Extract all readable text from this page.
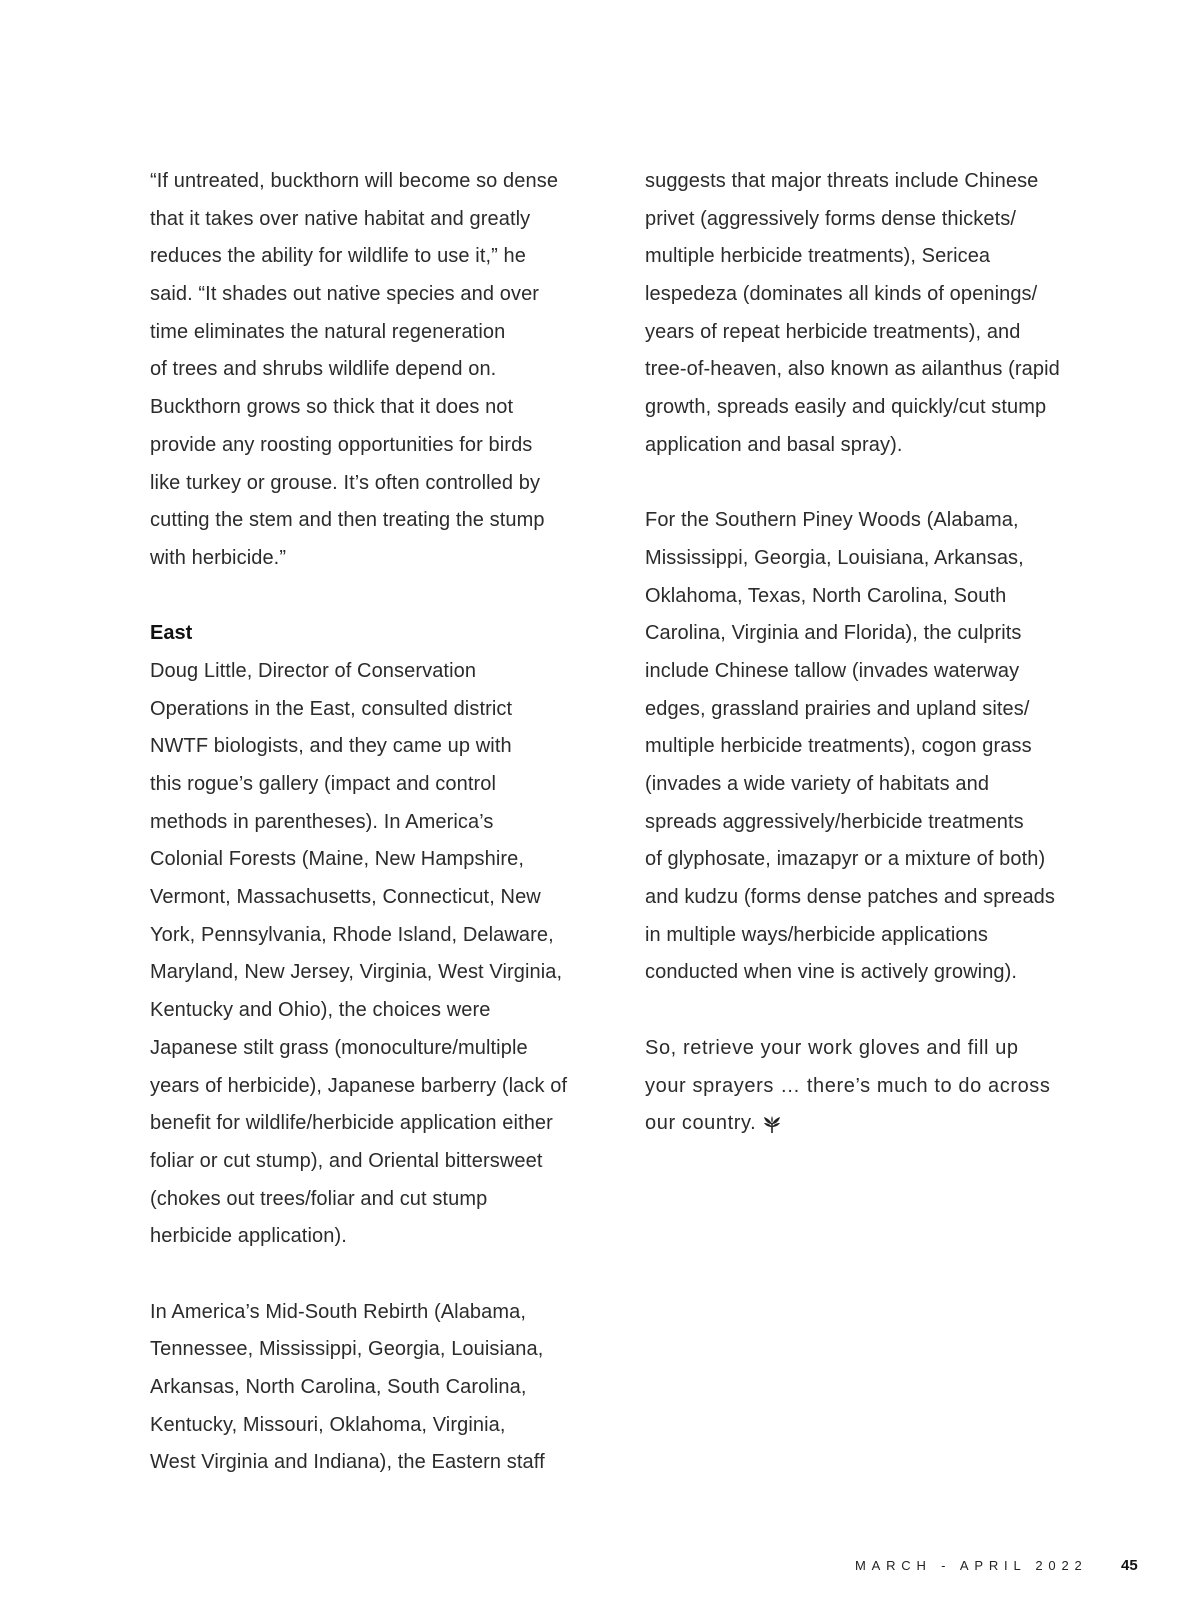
“If untreated, buckthorn will become so dense
that it takes over native habitat and greatly
reduces the ability for wildlife to use it,” he
said. “It shades out native species and over
time eliminates the natural regeneration
of trees and shrubs wildlife depend on.
Buckthorn grows so thick that it does not
provide any roosting opportunities for birds
like turkey or grouse. It’s often controlled by
cutting the stem and then treating the stump
with herbicide.”
East
Doug Little, Director of Conservation
Operations in the East, consulted district
NWTF biologists, and they came up with
this rogue’s gallery (impact and control
methods in parentheses). In America’s
Colonial Forests (Maine, New Hampshire,
Vermont, Massachusetts, Connecticut, New
York, Pennsylvania, Rhode Island, Delaware,
Maryland, New Jersey, Virginia, West Virginia,
Kentucky and Ohio), the choices were
Japanese stilt grass (monoculture/multiple
years of herbicide), Japanese barberry (lack of
benefit for wildlife/herbicide application either
foliar or cut stump), and Oriental bittersweet
(chokes out trees/foliar and cut stump
herbicide application).
In America’s Mid-South Rebirth (Alabama,
Tennessee, Mississippi, Georgia, Louisiana,
Arkansas, North Carolina, South Carolina,
Kentucky, Missouri, Oklahoma, Virginia,
West Virginia and Indiana), the Eastern staff
suggests that major threats include Chinese
privet (aggressively forms dense thickets/
multiple herbicide treatments), Sericea
lespedeza (dominates all kinds of openings/
years of repeat herbicide treatments), and
tree-of-heaven, also known as ailanthus (rapid
growth, spreads easily and quickly/cut stump
application and basal spray).
For the Southern Piney Woods (Alabama,
Mississippi, Georgia, Louisiana, Arkansas,
Oklahoma, Texas, North Carolina, South
Carolina, Virginia and Florida), the culprits
include Chinese tallow (invades waterway
edges, grassland prairies and upland sites/
multiple herbicide treatments), cogon grass
(invades a wide variety of habitats and
spreads aggressively/herbicide treatments
of glyphosate, imazapyr or a mixture of both)
and kudzu (forms dense patches and spreads
in multiple ways/herbicide applications
conducted when vine is actively growing).
So, retrieve your work gloves and fill up
your sprayers … there’s much to do across
our country.
MARCH - APRIL 2022 45
